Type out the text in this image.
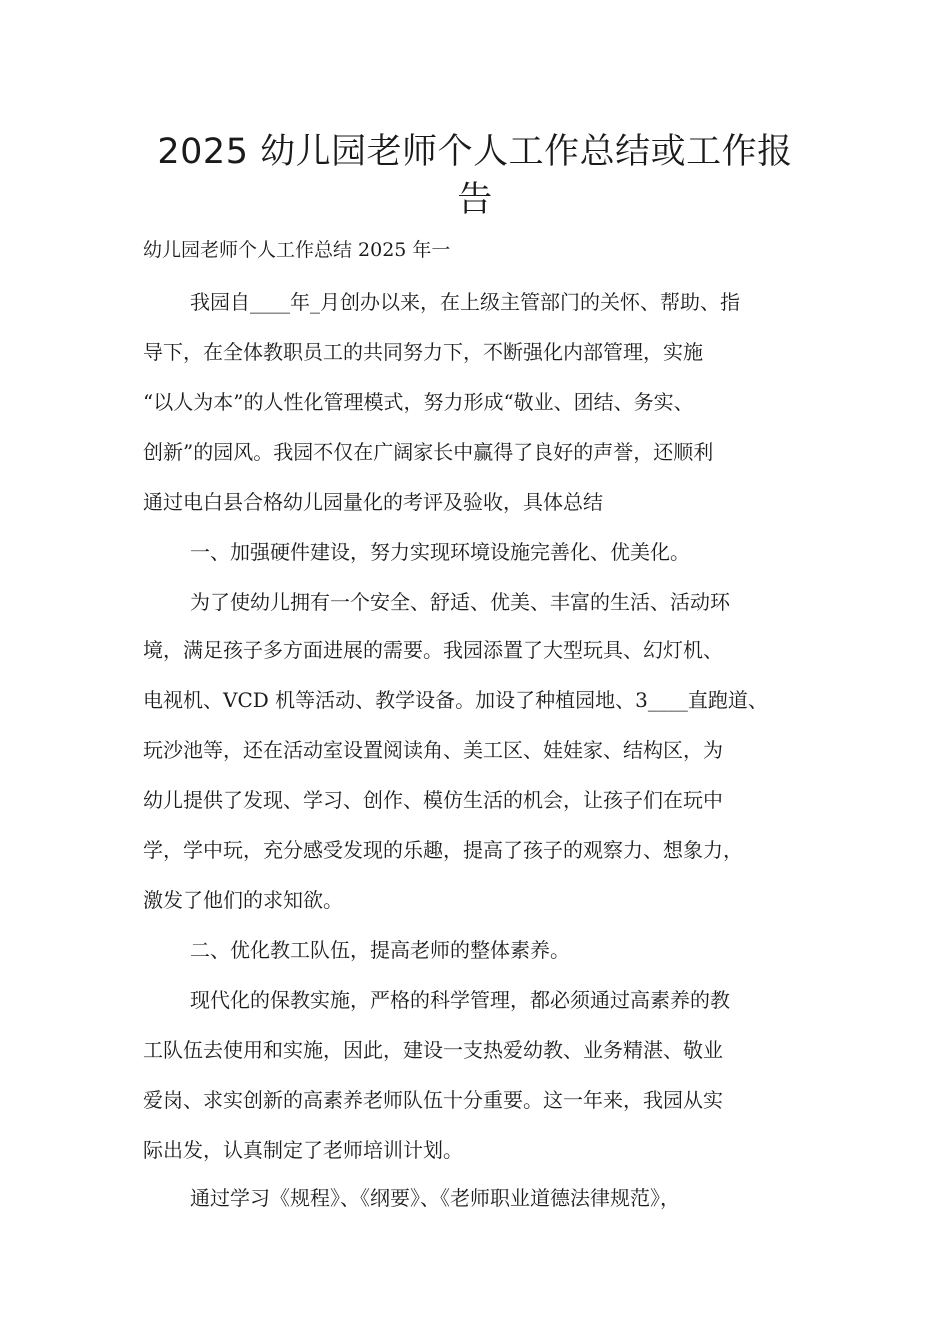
2025 幼儿园老师个人工作总结或工作报
告

幼儿园老师个人工作总结 2025 年一

我园自____年_月创办以来，在上级主管部门的关怀、帮助、指

导下，在全体教职员工的共同努力下，不断强化内部管理，实施

“以人为本”的人性化管理模式，努力形成“敬业、团结、务实、

创新”的园风。我园不仅在广阔家长中赢得了良好的声誉，还顺利

通过电白县合格幼儿园量化的考评及验收，具体总结

一、加强硬件建设，努力实现环境设施完善化、优美化。

为了使幼儿拥有一个安全、舒适、优美、丰富的生活、活动环

境，满足孩子多方面进展的需要。我园添置了大型玩具、幻灯机、

电视机、VCD 机等活动、教学设备。加设了种植园地、3____直跑道、

玩沙池等，还在活动室设置阅读角、美工区、娃娃家、结构区，为

幼儿提供了发现、学习、创作、模仿生活的机会，让孩子们在玩中

学，学中玩，充分感受发现的乐趣，提高了孩子的观察力、想象力，

激发了他们的求知欲。

二、优化教工队伍，提高老师的整体素养。

现代化的保教实施，严格的科学管理，都必须通过高素养的教

工队伍去使用和实施，因此，建设一支热爱幼教、业务精湛、敬业

爱岗、求实创新的高素养老师队伍十分重要。这一年来，我园从实

际出发，认真制定了老师培训计划。

通过学习《规程》、《纲要》、《老师职业道德法律规范》，
